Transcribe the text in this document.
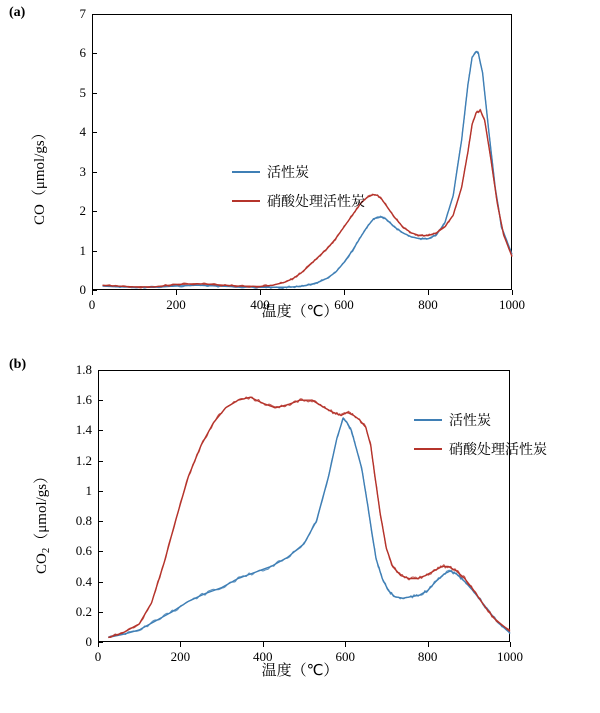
(a)
CO（μmol/gs）
0
1
2
3
4
5
6
7
0	200	400	600	800	1000
活性炭
硝酸处理活性炭
温度（℃）
(b)
$CO_2(\mu mol/gs)$
0
0.2
0.4
0.6
0.8
1
1.2
1.4
1.6
1.8
0	200	400	600	800	1000
活性炭
硝酸处理活性炭
温度（℃）
